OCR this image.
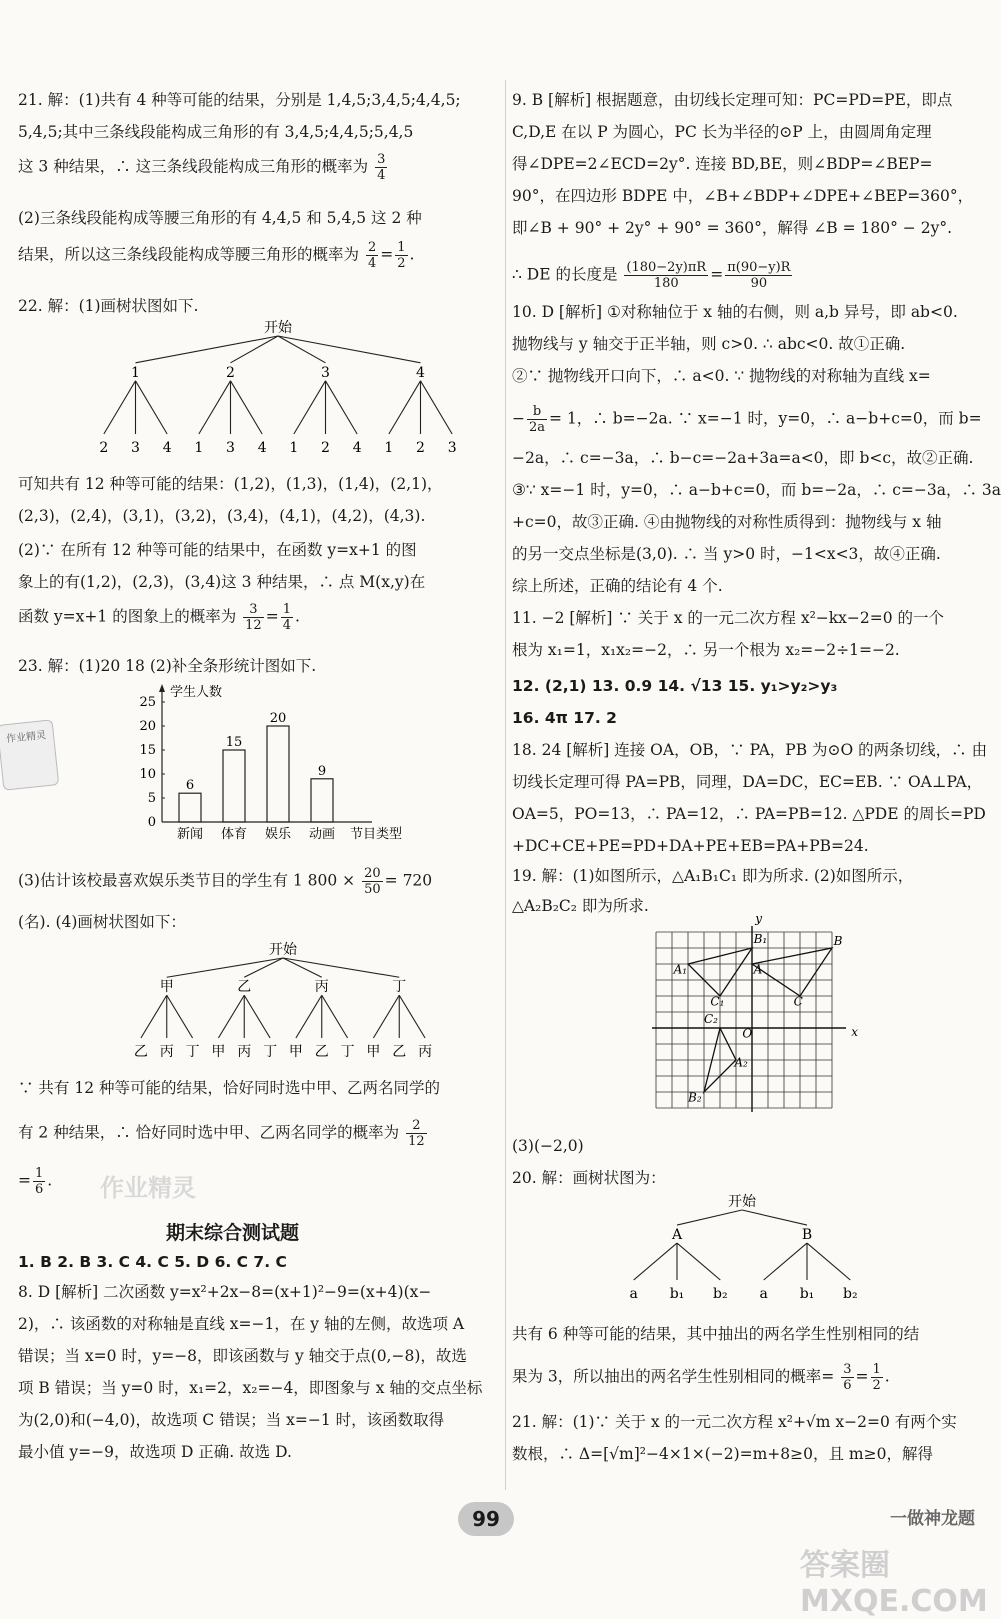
21. 解：(1)共有 4 种等可能的结果，分别是 1,4,5;3,4,5;4,4,5;
5,4,5;其中三条线段能构成三角形的有 3,4,5;4,4,5;5,4,5
这 3 种结果，∴ 这三条线段能构成三角形的概率为 $\frac{3}{4}$
(2)三条线段能构成等腰三角形的有 4,4,5 和 5,4,5 这 2 种
结果，所以这三条线段能构成等腰三角形的概率为 $\frac{2}{4} = \frac{1}{2}$ .
22. 解：(1)画树状图如下.
开始
1
2 3 4
2
1 3 4
3
1 2 4
4
1 2 3
可知共有 12 种等可能的结果：(1,2)，(1,3)，(1,4)，(2,1)，
(2,3)，(2,4)，(3,1)，(3,2)，(3,4)，(4,1)，(4,2)，(4,3).
(2)∵ 在所有 12 种等可能的结果中，在函数 y=x+1 的图
象上的有(1,2)，(2,3)，(3,4)这 3 种结果，∴ 点 M(x,y)在
函数 y=x+1 的图象上的概率为 $\frac{3}{12} = \frac{1}{4}$ .
23. 解：(1)20 18 (2)补全条形统计图如下.
学生人数
0
5
10
15
20
25
6
新闻
15
体育
20
娱乐
9
动画 节目类型
(3)估计该校最喜欢娱乐类节目的学生有 1 $800 \times \frac{20}{50} = 720$
(名). (4)画树状图如下：
开始
甲
乙 丙 丁
乙
甲 丙 丁
丙
甲 乙 丁
丁
甲 乙 丙
∵ 共有 12 种等可能的结果，恰好同时选中甲、乙两名同学的
有 2 种结果，∴ 恰好同时选中甲、乙两名同学的概率为 $\frac{2}{12}$
= $\frac{1}{6}$ .
期末综合测试题
1. B 2. B 3. C 4. C 5. D 6. C 7. C
8. D [解析] 二次函数 y=x²+2x−8=(x+1)²−9=(x+4)(x−
2)，∴ 该函数的对称轴是直线 x=−1，在 y 轴的左侧，故选项 A
错误；当 x=0 时，y=−8，即该函数与 y 轴交于点(0,−8)，故选
项 B 错误；当 y=0 时，x₁=2，x₂=−4，即图象与 x 轴的交点坐标
为(2,0)和(−4,0)，故选项 C 错误；当 x=−1 时，该函数取得
最小值 y=−9，故选项 D 正确. 故选 D.
作业精灵
作业精灵
9. B [解析] 根据题意，由切线长定理可知：PC=PD=PE，即点
C,D,E 在以 P 为圆心，PC 长为半径的⊙P 上，由圆周角定理
得∠DPE=2∠ECD=2y°. 连接 BD,BE，则∠BDP=∠BEP=
90°，在四边形 BDPE 中，∠B+∠BDP+∠DPE+∠BEP=360°，
即∠B + 90° + 2y° + 90° = 360°，解得 ∠B = 180° − 2y°.
∴ DE 的长度是 $\frac{(180-2y)\pi R}{180} = \frac{\pi(90-y)R}{90}$
10. D [解析] ①对称轴位于 x 轴的右侧，则 a,b 异号，即 ab<0.
抛物线与 y 轴交于正半轴，则 c>0. ∴ abc<0. 故①正确.
②∵ 抛物线开口向下，∴ a<0. ∵ 抛物线的对称轴为直线 x=
− $\frac{b}{2a} = 1$，∴ b=−2a. ∵ x=−1 时，y=0，∴ a−b+c=0，而 b=
−2a，∴ c=−3a，∴ b−c=−2a+3a=a<0，即 b<c，故②正确.
③∵ x=−1 时，y=0，∴ a−b+c=0，而 b=−2a，∴ c=−3a，∴ 3a
+c=0，故③正确. ④由抛物线的对称性质得到：抛物线与 x 轴
的另一交点坐标是(3,0). ∴ 当 y>0 时，−1<x<3，故④正确.
综上所述，正确的结论有 4 个.
11. −2 [解析] ∵ 关于 x 的一元二次方程 x²−kx−2=0 的一个
根为 x₁=1，x₁x₂=−2，∴ 另一个根为 x₂=−2÷1=−2.
12. (2,1) 13. 0.9 14. √13 15. y₁>y₂>y₃
16. 4π 17. 2
18. 24 [解析] 连接 OA，OB，∵ PA，PB 为⊙O 的两条切线，∴ 由
切线长定理可得 PA=PB，同理，DA=DC，EC=EB. ∵ OA⊥PA，
OA=5，PO=13，∴ PA=12，∴ PA=PB=12. △PDE 的周长=PD
+DC+CE+PE=PD+DA+PE+EB=PA+PB=24.
19. 解：(1)如图所示，△A₁B₁C₁ 即为所求. (2)如图所示，
△A₂B₂C₂ 即为所求.
y
x
O
A
B
C
A₁
B₁
C₁
A₂
B₂
C₂
(3)(−2,0)
20. 解：画树状图为：
开始
A
a b₁ b₂
B
a b₁ b₂
共有 6 种等可能的结果，其中抽出的两名学生性别相同的结
果为 3，所以抽出的两名学生性别相同的概率= $\frac{3}{6} = \frac{1}{2}$ .
21. 解：(1)∵ 关于 x 的一元二次方程 x²+√m x−2=0 有两个实
数根，∴ Δ=[√m]²−4×1×(−2)=m+8≥0，且 m≥0，解得
99	一做神龙题
答案圈 MXQE.COM
